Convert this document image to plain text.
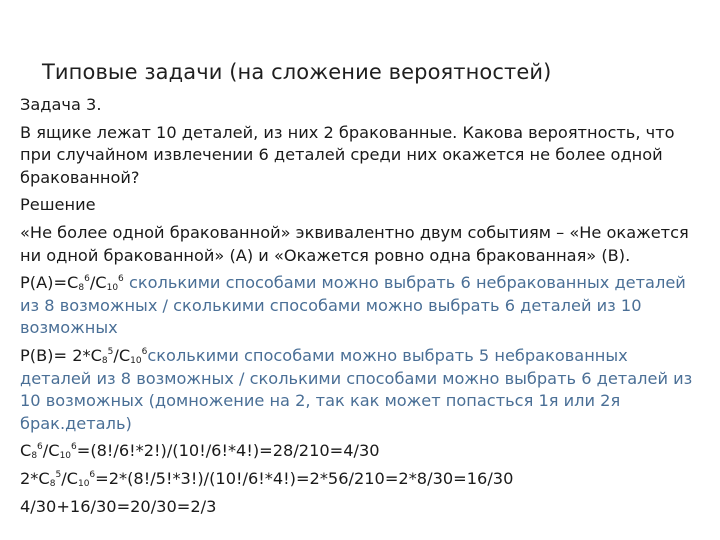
Типовые задачи (на сложение вероятностей)

Задача 3.

В ящике лежат 10 деталей, из них 2 бракованные. Какова вероятность, что при случайном извлечении 6 деталей среди них окажется не более одной бракованной?

Решение

«Не более одной бракованной» эквивалентно двум событиям – «Не окажется ни одной бракованной» (А) и «Окажется ровно одна бракованная» (В).

$P(A)=C_8^6/C_{10}^6$ сколькими способами можно выбрать 6 небракованных деталей из 8 возможных / сколькими способами можно выбрать 6 деталей из 10 возможных

$P(B)= 2*C_8^5/C_{10}^6сколькими$ способами можно выбрать 5 небракованных деталей из 8 возможных / сколькими способами можно выбрать 6 деталей из 10 возможных (домножение на 2, так как может попасться 1я или 2я брак.деталь)

$C_8^6/C_{10}^6=(8!/6!*2!)/(10!/6!*4!)=28/210=4/30$

$2*C_8^5/C_{10}^6=2*(8!/5!*3!)/(10!/6!*4!)=2*56/210=2*8/30=16/30$

4/30+16/30=20/30=2/3
